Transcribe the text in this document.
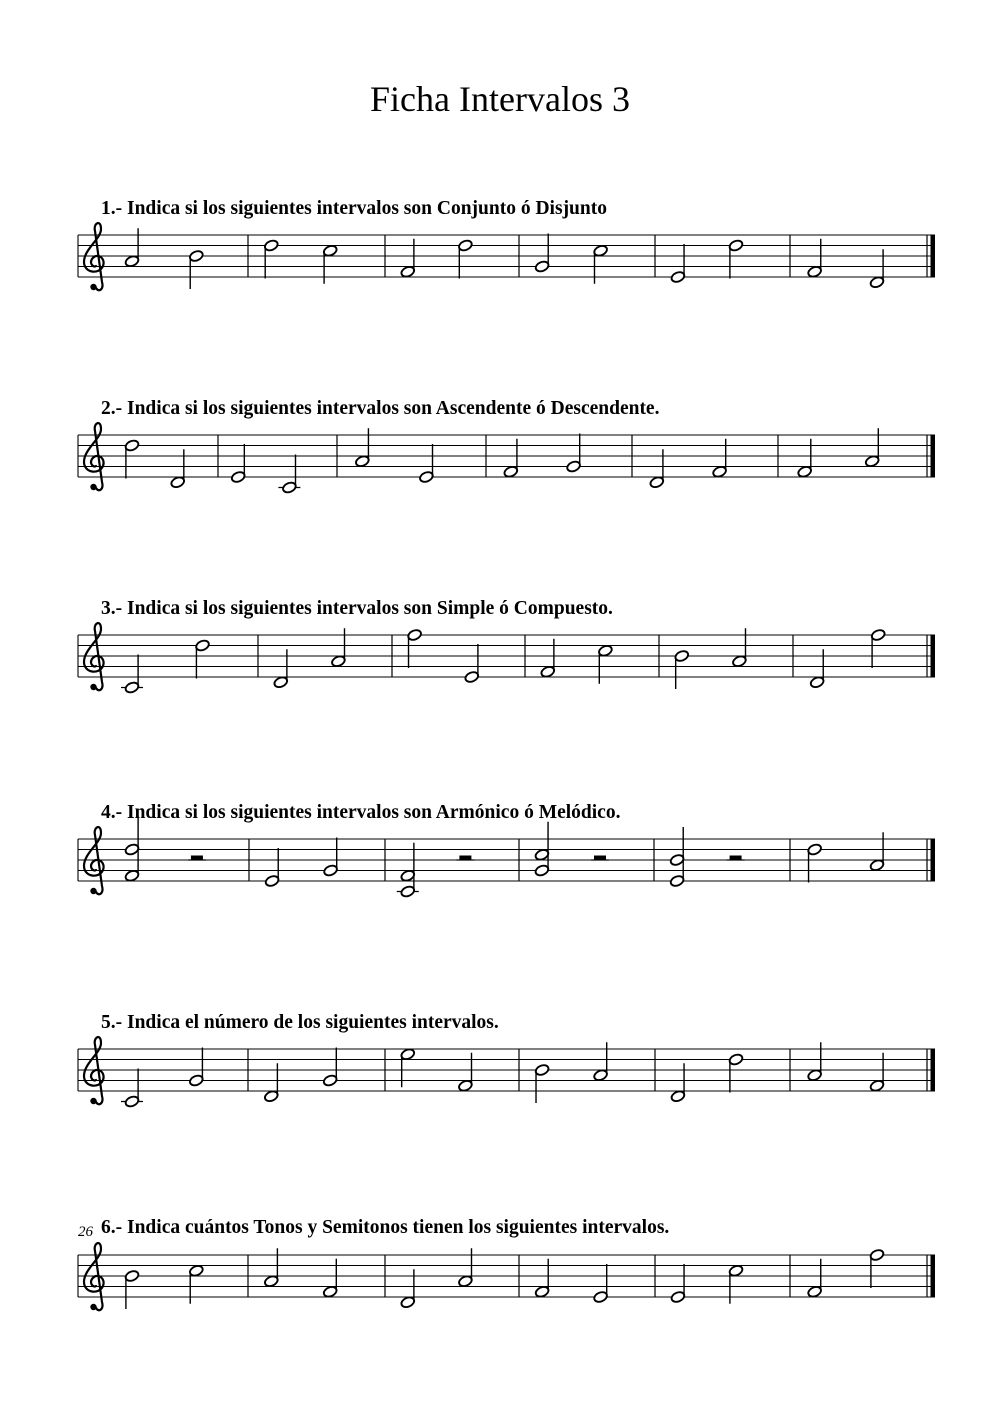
Ficha Intervalos 3
1.- Indica si los siguientes intervalos son Conjunto ó Disjunto
2.- Indica si los siguientes intervalos son Ascendente ó Descendente.
3.- Indica si los siguientes intervalos son Simple ó Compuesto.
4.- Indica si los siguientes intervalos son Armónico ó Melódico.
5.- Indica el número de los siguientes intervalos.
26 6.- Indica cuántos Tonos y Semitonos tienen los siguientes intervalos.
